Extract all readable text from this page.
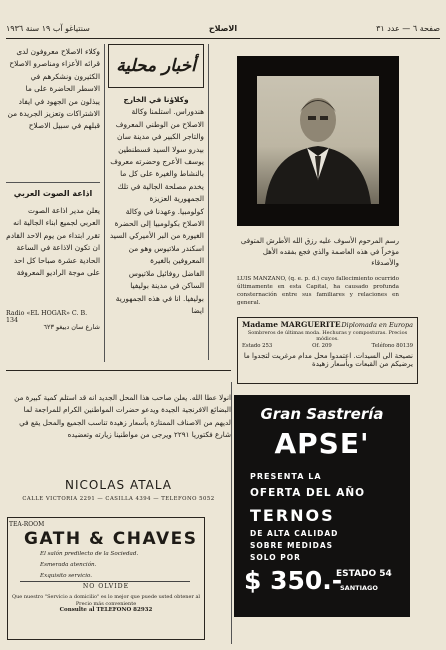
سنتياغو آب ١٩ سنة ١٩٣٦	الاصلاح	صفحة ٦ — عدد ٣١

وكلاء الاصلاح معروفون لدى قرائه الأعزاء ومناصرو الاصلاح الكثيرون ونشكرهم في الاسطر الحاضرة على ما يبذلون من الجهود في ايفاد الاشتراكات وتعزيز الجريدة من قبلهم في سبيل الاصلاح

اذاعة الصوت العربي

يعلن مدير اذاعة الصوت العربي لجميع ابناء الجالية انه تقرر ابتداء من يوم الاحد القادم ان تكون الاذاعة في الساعة الحادية عشرة صباحا كل احد على موجة الراديو المعروفة

Radio «EL HOGAR» C. B. 134
شارع سان دييغو ٦٢٣
أخبار محلية

وكلاؤنا في الخارج

هندوراس. استلمنا وكالة الاصلاح من الوطني المعروف والتاجر الكبير في مدينة سان بيدرو سولا السيد قسطنطين يوسف الأعرج وحضرته معروف بالنشاط والغيرة على كل ما يخدم مصلحة الجالية في تلك الجمهورية العزيزة

كولومبيا. وعهدنا في وكالة الاصلاح بكولومبيا إلى الحضرة الغيورة من البر الأميركي السيد اسكندر ملاتيوس وهو من المعروفين بالغيرة

الفاضل روفائيل ملاتيوس الساكن في مدينة بوليفيا

بوليفيا. انا في هذه الجمهورية ايضا

رسم المرحوم الأسوف عليه رزق الله الأطرش المتوفى مؤخراً في هذه العاصمة والذي فجع بفقده الأهل والأصدقاء
LUIS MANZANO, (q. e. p. d.) cuyo fallecimiento ocurrido últimamente en esta Capital, ha causado profunda consternación entre sus familiares y relaciones en general.
Madame MARGUERITE Diplomada en Europa
Sombreros de últimas moda. Hechuras y composturas. Precios módicos.
Estado 253	Of. 209	Teléfono 80139
نصيحة الى السيدات. اعتمدوا محل مدام مرغريت لتجدوا ما يرضيكم من القبعات وبأسعار زهيدة
انولا عطا الله. يعلن صاحب هذا المحل الجديد انه قد استلم كمية كبيرة من البضائع الافرنجية الجيدة ويدعو حضرات المواطنين الكرام للمراجعة لما لديهم من الاصناف الممتازة بأسعار زهيدة تناسب الجميع والمحل يقع في شارع فكتوريا ٢٢٩١ ويرجى من مواطنينا زيارته وتعضيده
NICOLAS ATALA
CALLE VICTORIA 2291 — CASILLA 4394 — TELEFONO 5052
TEA-ROOM
GATH & CHAVES
El salón predilecto de la Sociedad.
Esmerada atención.
Exquisito servicio.
NO OLVIDE
Que nuestro "Servicio a domicilio" es lo mejor que puede usted obtener al Precio más conveniente
Consulte al TELEFONO 82932
Gran Sastrería
APSE'
PRESENTA LA
OFERTA DEL AÑO
TERNOS
DE ALTA CALIDAD
SOBRE MEDIDAS
SOLO POR
$ 350.-
ESTADO 54
SANTIAGO
